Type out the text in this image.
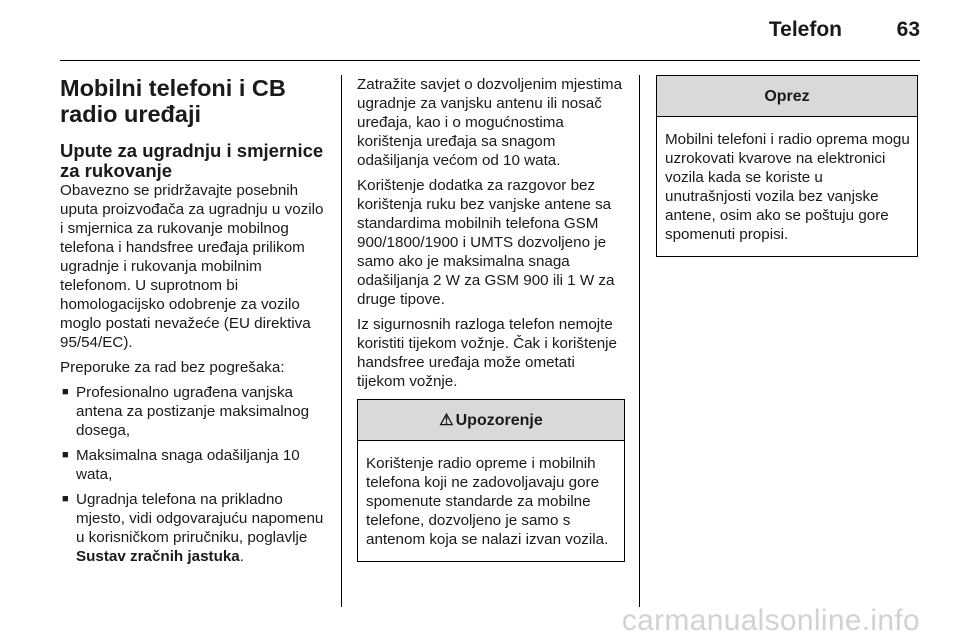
Telefon	63
Mobilni telefoni i CB radio uređaji
Upute za ugradnju i smjernice za rukovanje

Obavezno se pridržavajte posebnih uputa proizvođača za ugradnju u vozilo i smjernica za rukovanje mobilnog telefona i handsfree uređaja prilikom ugradnje i rukovanja mobilnim telefonom. U suprotnom bi homologacijsko odobrenje za vozilo moglo postati nevažeće (EU direktiva 95/54/EC).

Preporuke za rad bez pogrešaka:

■ Profesionalno ugrađena vanjska antena za postizanje maksimalnog dosega,
■ Maksimalna snaga odašiljanja 10 wata,
■ Ugradnja telefona na prikladno mjesto, vidi odgovarajuću napomenu u korisničkom priručniku, poglavlje Sustav zračnih jastuka.

Zatražite savjet o dozvoljenim mjestima ugradnje za vanjsku antenu ili nosač uređaja, kao i o mogućnostima korištenja uređaja sa snagom odašiljanja većom od 10 wata.

Korištenje dodatka za razgovor bez korištenja ruku bez vanjske antene sa standardima mobilnih telefona GSM 900/1800/1900 i UMTS dozvoljeno je samo ako je maksimalna snaga odašiljanja 2 W za GSM 900 ili 1 W za druge tipove.

Iz sigurnosnih razloga telefon nemojte koristiti tijekom vožnje. Čak i korištenje handsfree uređaja može ometati tijekom vožnje.

⚠ Upozorenje
Korištenje radio opreme i mobilnih telefona koji ne zadovoljavaju gore spomenute standarde za mobilne telefone, dozvoljeno je samo s antenom koja se nalazi izvan vozila.
Oprez
Mobilni telefoni i radio oprema mogu uzrokovati kvarove na elektronici vozila kada se koriste u unutrašnjosti vozila bez vanjske antene, osim ako se poštuju gore spomenuti propisi.
carmanualsonline.info
